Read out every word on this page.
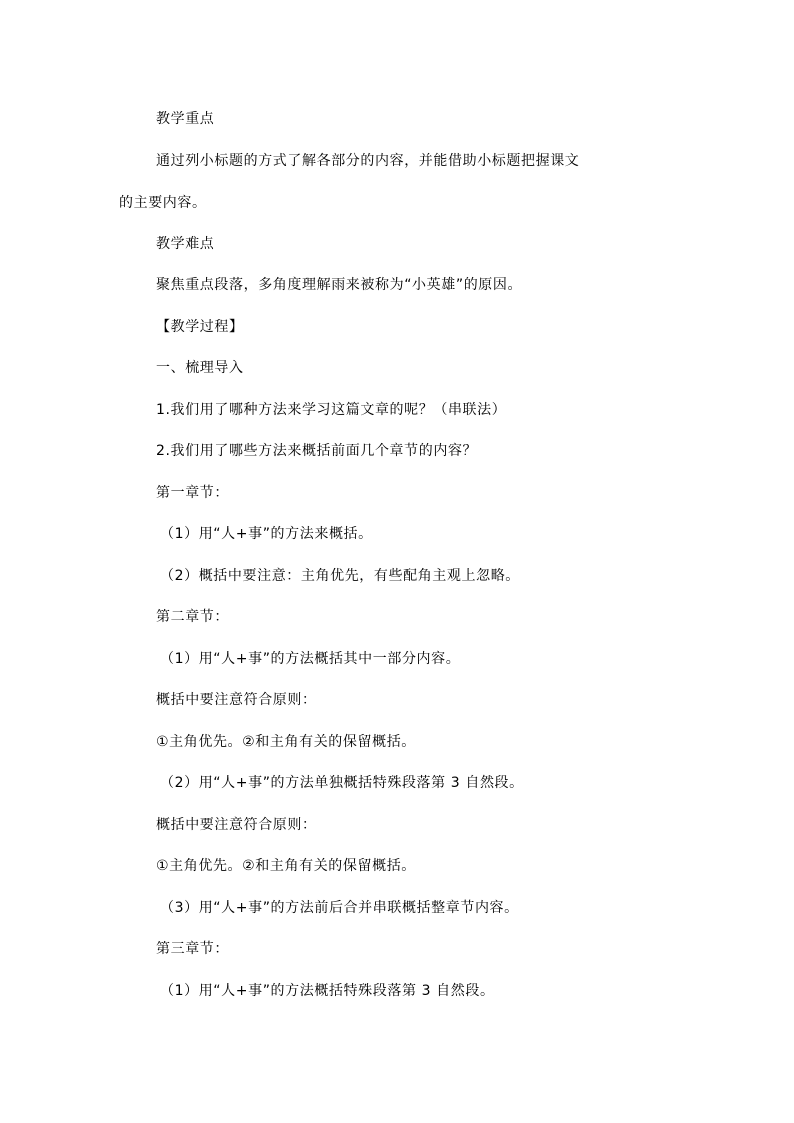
教学重点
通过列小标题的方式了解各部分的内容，并能借助小标题把握课文
的主要内容。
教学难点
聚焦重点段落，多角度理解雨来被称为“小英雄”的原因。
【教学过程】
一、梳理导入
1.我们用了哪种方法来学习这篇文章的呢？（串联法）
2.我们用了哪些方法来概括前面几个章节的内容？
第一章节：
（1）用“人+事”的方法来概括。
（2）概括中要注意：主角优先，有些配角主观上忽略。
第二章节：
（1）用“人+事”的方法概括其中一部分内容。
概括中要注意符合原则：
①主角优先。②和主角有关的保留概括。
（2）用“人+事”的方法单独概括特殊段落第 3 自然段。
概括中要注意符合原则：
①主角优先。②和主角有关的保留概括。
（3）用“人+事”的方法前后合并串联概括整章节内容。
第三章节：
（1）用“人+事”的方法概括特殊段落第 3 自然段。
